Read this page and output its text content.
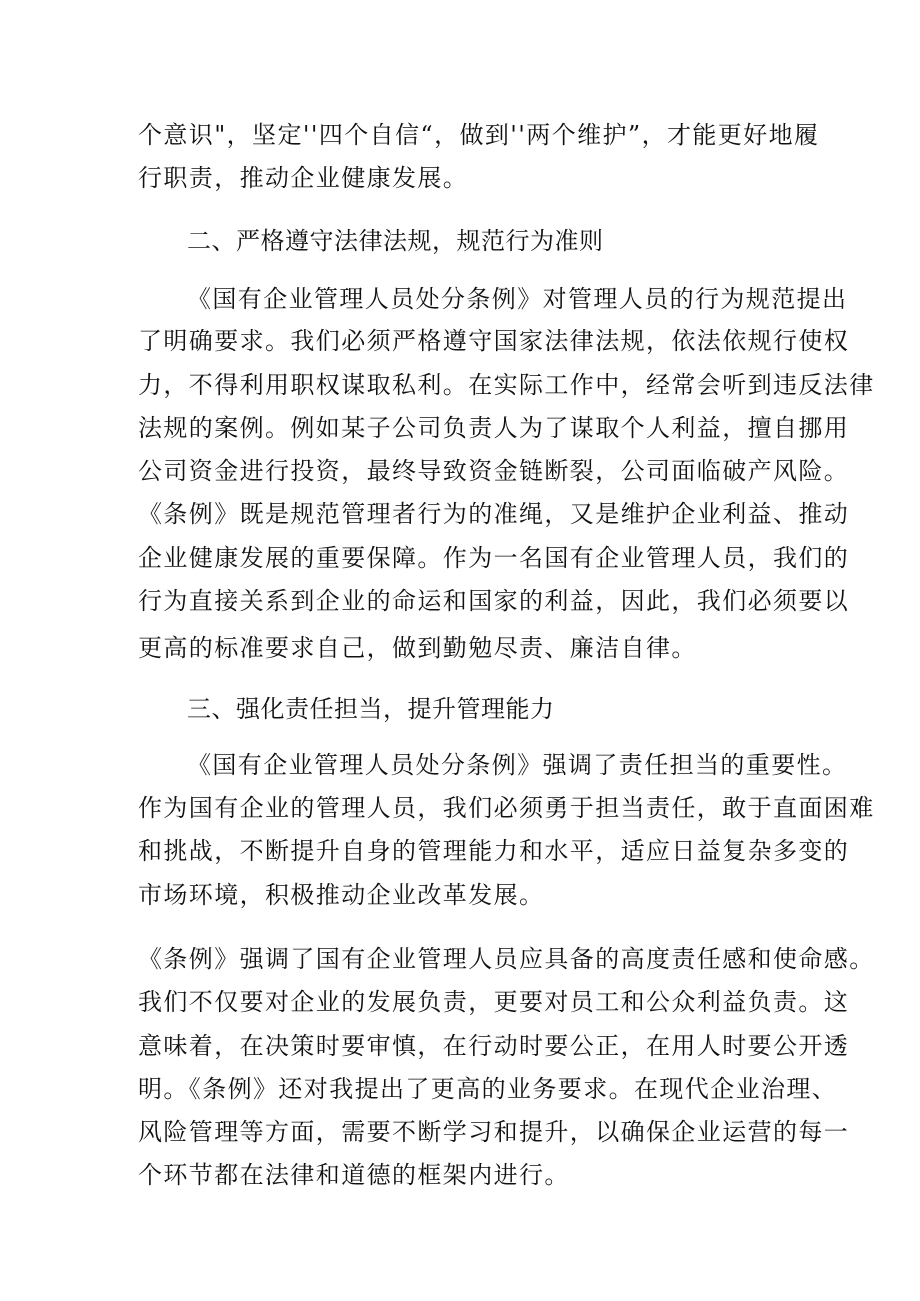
个意识"，坚定''四个自信“，做到''两个维护”，才能更好地履
行职责，推动企业健康发展。
二、严格遵守法律法规，规范行为准则
《国有企业管理人员处分条例》对管理人员的行为规范提出
了明确要求。我们必须严格遵守国家法律法规，依法依规行使权
力，不得利用职权谋取私利。在实际工作中，经常会听到违反法律
法规的案例。例如某子公司负责人为了谋取个人利益，擅自挪用
公司资金进行投资，最终导致资金链断裂，公司面临破产风险。
《条例》既是规范管理者行为的准绳，又是维护企业利益、推动
企业健康发展的重要保障。作为一名国有企业管理人员，我们的
行为直接关系到企业的命运和国家的利益，因此，我们必须要以
更高的标准要求自己，做到勤勉尽责、廉洁自律。
三、强化责任担当，提升管理能力
《国有企业管理人员处分条例》强调了责任担当的重要性。
作为国有企业的管理人员，我们必须勇于担当责任，敢于直面困难
和挑战，不断提升自身的管理能力和水平，适应日益复杂多变的
市场环境，积极推动企业改革发展。
《条例》强调了国有企业管理人员应具备的高度责任感和使命感。
我们不仅要对企业的发展负责，更要对员工和公众利益负责。这
意味着，在决策时要审慎，在行动时要公正，在用人时要公开透
明。《条例》还对我提出了更高的业务要求。在现代企业治理、
风险管理等方面，需要不断学习和提升，以确保企业运营的每一
个环节都在法律和道德的框架内进行。
